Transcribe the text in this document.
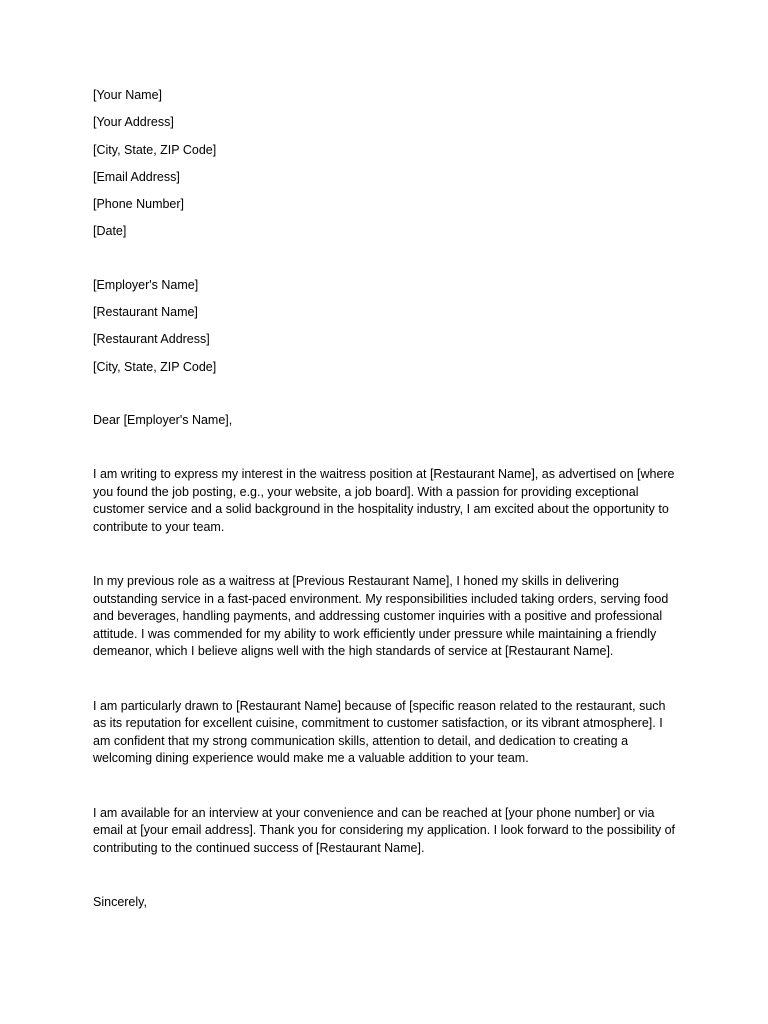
[Your Name]

[Your Address]

[City, State, ZIP Code]

[Email Address]

[Phone Number]

[Date]

[Employer's Name]

[Restaurant Name]

[Restaurant Address]

[City, State, ZIP Code]

Dear [Employer's Name],

I am writing to express my interest in the waitress position at [Restaurant Name], as advertised on [where you found the job posting, e.g., your website, a job board]. With a passion for providing exceptional customer service and a solid background in the hospitality industry, I am excited about the opportunity to contribute to your team.

In my previous role as a waitress at [Previous Restaurant Name], I honed my skills in delivering outstanding service in a fast-paced environment. My responsibilities included taking orders, serving food and beverages, handling payments, and addressing customer inquiries with a positive and professional attitude. I was commended for my ability to work efficiently under pressure while maintaining a friendly demeanor, which I believe aligns well with the high standards of service at [Restaurant Name].

I am particularly drawn to [Restaurant Name] because of [specific reason related to the restaurant, such as its reputation for excellent cuisine, commitment to customer satisfaction, or its vibrant atmosphere]. I am confident that my strong communication skills, attention to detail, and dedication to creating a welcoming dining experience would make me a valuable addition to your team.

I am available for an interview at your convenience and can be reached at [your phone number] or via email at [your email address]. Thank you for considering my application. I look forward to the possibility of contributing to the continued success of [Restaurant Name].

Sincerely,
